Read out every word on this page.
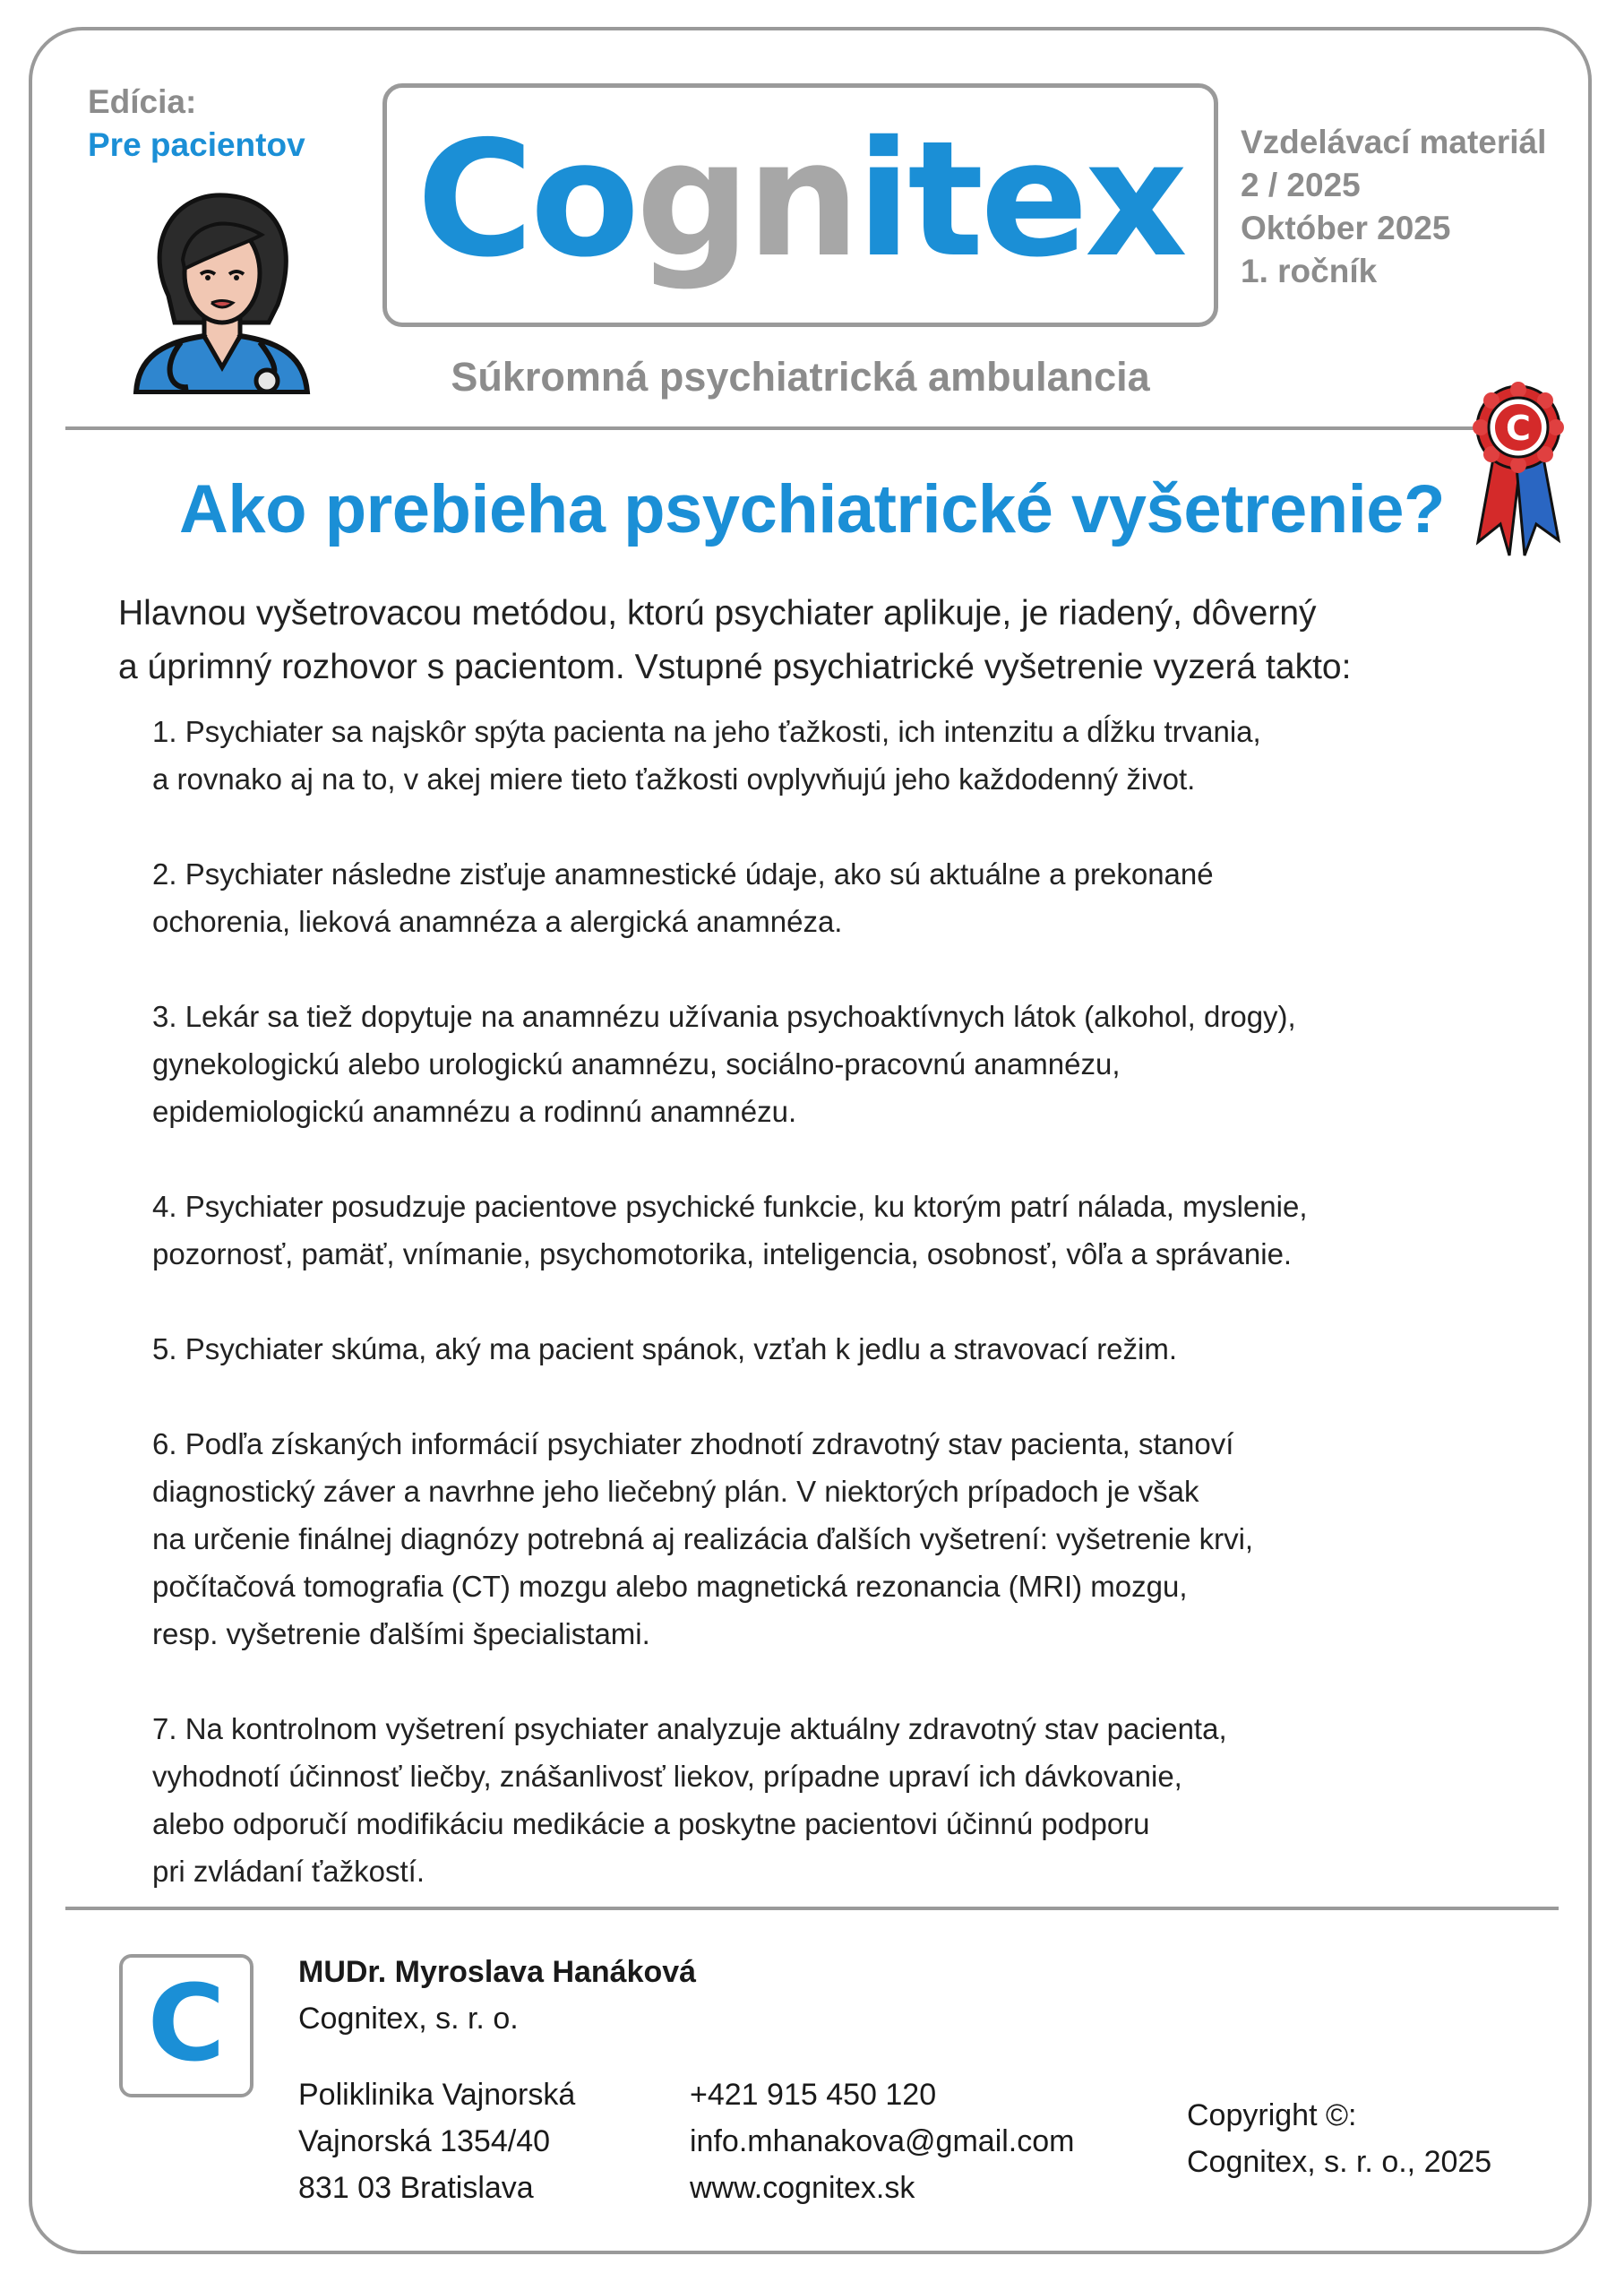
Edícia:
Pre pacientov Cognitex
Súkromná psychiatrická ambulancia
Vzdelávací materiál
2 / 2025
Október 2025
1. ročník
C
Ako prebieha psychiatrické vyšetrenie?
Hlavnou vyšetrovacou metódou, ktorú psychiater aplikuje, je riadený, dôverný
a úprimný rozhovor s pacientom. Vstupné psychiatrické vyšetrenie vyzerá takto:
1. Psychiater sa najskôr spýta pacienta na jeho ťažkosti, ich intenzitu a dĺžku trvania,
a rovnako aj na to, v akej miere tieto ťažkosti ovplyvňujú jeho každodenný život.
2. Psychiater následne zisťuje anamnestické údaje, ako sú aktuálne a prekonané
ochorenia, lieková anamnéza a alergická anamnéza.
3. Lekár sa tiež dopytuje na anamnézu užívania psychoaktívnych látok (alkohol, drogy),
gynekologickú alebo urologickú anamnézu, sociálno-pracovnú anamnézu,
epidemiologickú anamnézu a rodinnú anamnézu.
4. Psychiater posudzuje pacientove psychické funkcie, ku ktorým patrí nálada, myslenie,
pozornosť, pamäť, vnímanie, psychomotorika, inteligencia, osobnosť, vôľa a správanie.
5. Psychiater skúma, aký ma pacient spánok, vzťah k jedlu a stravovací režim.
6. Podľa získaných informácií psychiater zhodnotí zdravotný stav pacienta, stanoví
diagnostický záver a navrhne jeho liečebný plán. V niektorých prípadoch je však
na určenie finálnej diagnózy potrebná aj realizácia ďalších vyšetrení: vyšetrenie krvi,
počítačová tomografia (CT) mozgu alebo magnetická rezonancia (MRI) mozgu,
resp. vyšetrenie ďalšími špecialistami.
7. Na kontrolnom vyšetrení psychiater analyzuje aktuálny zdravotný stav pacienta,
vyhodnotí účinnosť liečby, znášanlivosť liekov, prípadne upraví ich dávkovanie,
alebo odporučí modifikáciu medikácie a poskytne pacientovi účinnú podporu
pri zvládaní ťažkostí.
C MUDr. Myroslava Hanáková
Cognitex, s. r. o.
Poliklinika Vajnorská
Vajnorská 1354/40
831 03 Bratislava
+421 915 450 120
info.mhanakova@gmail.com
www.cognitex.sk
Copyright ©:
Cognitex, s. r. o., 2025
